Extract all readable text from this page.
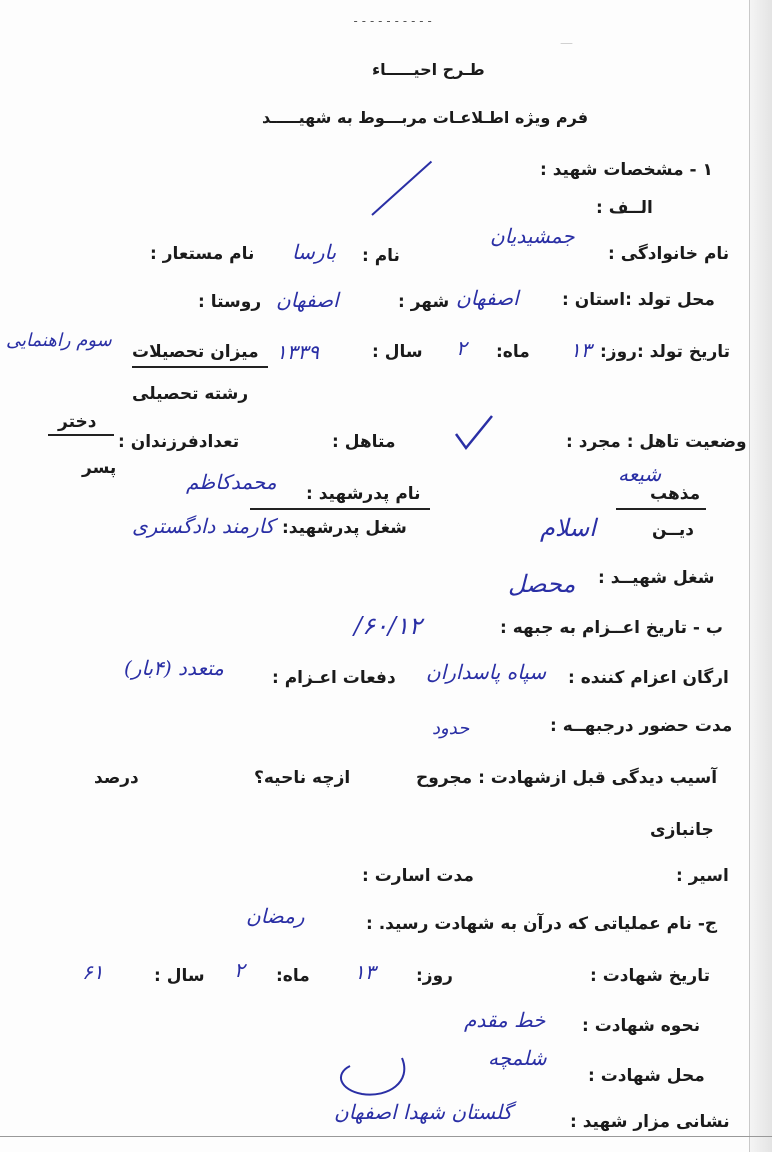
----------
—
طـرح احیـــــاء
فرم ویژه اطـلاعـات مربـــوط به شهیـــــد
۱ - مشخصات شهید :
الــف :
نام خانوادگی :
جمشیدیان
نام :
بارسا
نام مستعار :
محل تولد :استان :
اصفهان
شهر :
اصفهان
روستا :
تاریخ تولد :روز:
۱۳
ماه:
۲
سال :
۱۳۳۹
میزان تحصیلات
سوم راهنمایی
رشته تحصیلی
وضعیت تاهل : مجرد :
متاهل :
تعدادفرزندان :
دختر
پسر	شیعه
مذهب
دیــن
اسلام
نام پدرشهید :
محمدکاظم
شغل پدرشهید:
کارمند دادگستری
شغل شهیــد :
محصل
ب - تاریخ اعــزام به جبهه :
۶۰/۱۲/
ارگان اعزام کننده :
سپاه پاسداران
دفعات اعـزام :
متعدد (۴بار)
مدت حضور درجبهــه :
حدود
آسیب دیدگی قبل ازشهادت : مجروح
ازچه ناحیه؟
درصد
جانبازی
اسیر :
مدت اسارت :
ج- نام عملیاتی که درآن به شهادت رسید. :
رمضان
تاریخ شهادت :
روز:
۱۳
ماه:
۲
سال :
۶۱
نحوه شهادت :
خط مقدم
محل شهادت :
شلمچه
نشانی مزار شهید :
گلستان شهدا اصفهان
